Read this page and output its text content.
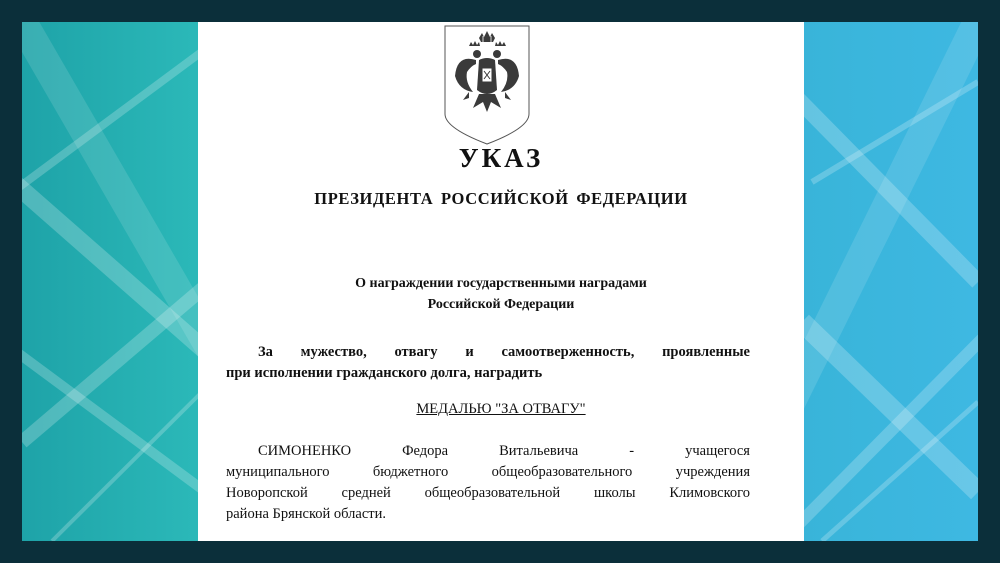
УКАЗ
ПРЕЗИДЕНТА РОССИЙСКОЙ ФЕДЕРАЦИИ
О награждении государственными наградами
Российской Федерации
За мужество, отвагу и самоотверженность, проявленные
при исполнении гражданского долга, наградить
МЕДАЛЬЮ "ЗА ОТВАГУ"
СИМОНЕНКО	Федора	Витальевича	-	учащегося
муниципального бюджетного общеобразовательного учреждения
Новоропской средней общеобразовательной школы Климовского
района Брянской области.
